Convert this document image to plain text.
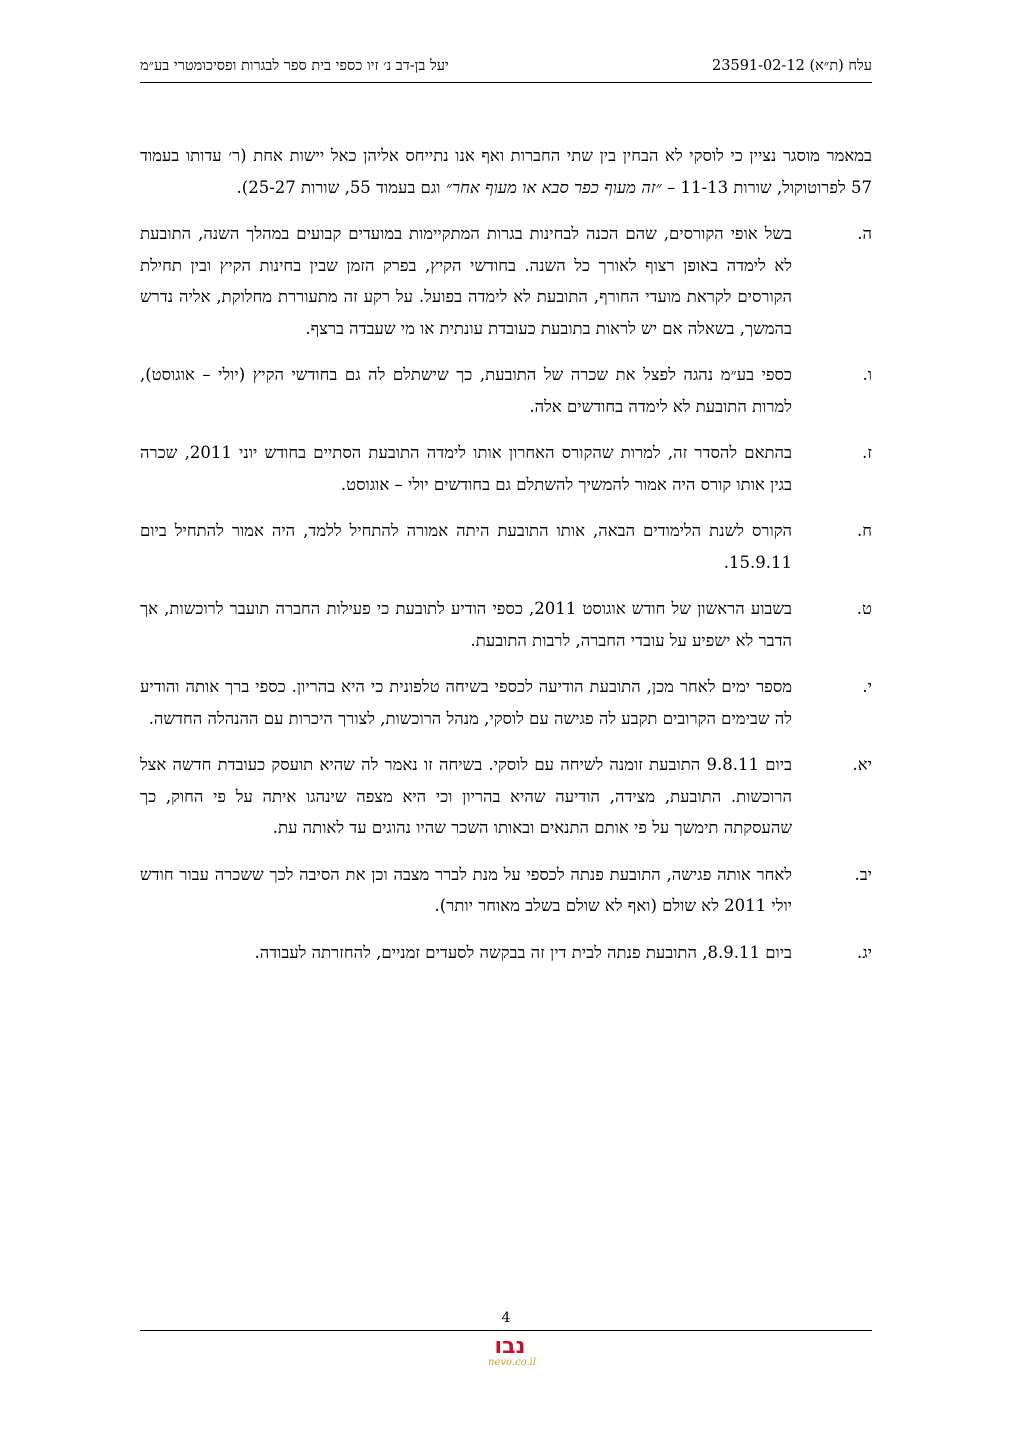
עלח (ת״א) 23591-02-12
יעל בן-דב נ׳ זיו כספי בית ספר לבגרות ופסיכומטרי בע״מ

במאמר מוסגר נציין כי לוסקי לא הבחין בין שתי החברות ואף אנו נתייחס אליהן כאל יישות אחת (ר׳ עדותו בעמוד 57 לפרוטוקול, שורות 11-13 – ״זה מעוף כפר סבא או מעוף אחר״ וגם בעמוד 55, שורות 25-27).

ה.
בשל אופי הקורסים, שהם הכנה לבחינות בגרות המתקיימות במועדים קבועים במהלך השנה, התובעת לא לימדה באופן רצוף לאורך כל השנה. בחודשי הקיץ, בפרק הזמן שבין בחינות הקיץ ובין תחילת הקורסים לקראת מועדי החורף, התובעת לא לימדה בפועל. על רקע זה מתעוררת מחלוקת, אליה נדרש בהמשך, בשאלה אם יש לראות בתובעת כעובדת עונתית או מי שעבדה ברצף.
ו.
כספי בע״מ נהגה לפצל את שכרה של התובעת, כך שישתלם לה גם בחודשי הקיץ (יולי – אוגוסט), למרות התובעת לא לימדה בחודשים אלה.
ז.
בהתאם להסדר זה, למרות שהקורס האחרון אותו לימדה התובעת הסתיים בחודש יוני 2011, שכרה בגין אותו קורס היה אמור להמשיך להשתלם גם בחודשים יולי – אוגוסט.
ח.
הקורס לשנת הלימודים הבאה, אותו התובעת היתה אמורה להתחיל ללמד, היה אמור להתחיל ביום 15.9.11.
ט.
בשבוע הראשון של חודש אוגוסט 2011, כספי הודיע לתובעת כי פעילות החברה תועבר לרוכשות, אך הדבר לא ישפיע על עובדי החברה, לרבות התובעת.
י.
מספר ימים לאחר מכן, התובעת הודיעה לכספי בשיחה טלפונית כי היא בהריון. כספי ברך אותה והודיע לה שבימים הקרובים תקבע לה פגישה עם לוסקי, מנהל הרוכשות, לצורך היכרות עם ההנהלה החדשה.
יא.
ביום 9.8.11 התובעת זומנה לשיחה עם לוסקי. בשיחה זו נאמר לה שהיא תועסק כעובדת חדשה אצל הרוכשות. התובעת, מצידה, הודיעה שהיא בהריון וכי היא מצפה שינהגו איתה על פי החוק, כך שהעסקתה תימשך על פי אותם התנאים ובאותו השכר שהיו נהוגים עד לאותה עת.
יב.
לאחר אותה פגישה, התובעת פנתה לכספי על מנת לברר מצבה וכן את הסיבה לכך ששכרה עבור חודש יולי 2011 לא שולם (ואף לא שולם בשלב מאוחר יותר).
יג.
ביום 8.9.11, התובעת פנתה לבית דין זה בבקשה לסעדים זמניים, להחזרתה לעבודה.
4
נבו
nevo.co.il
